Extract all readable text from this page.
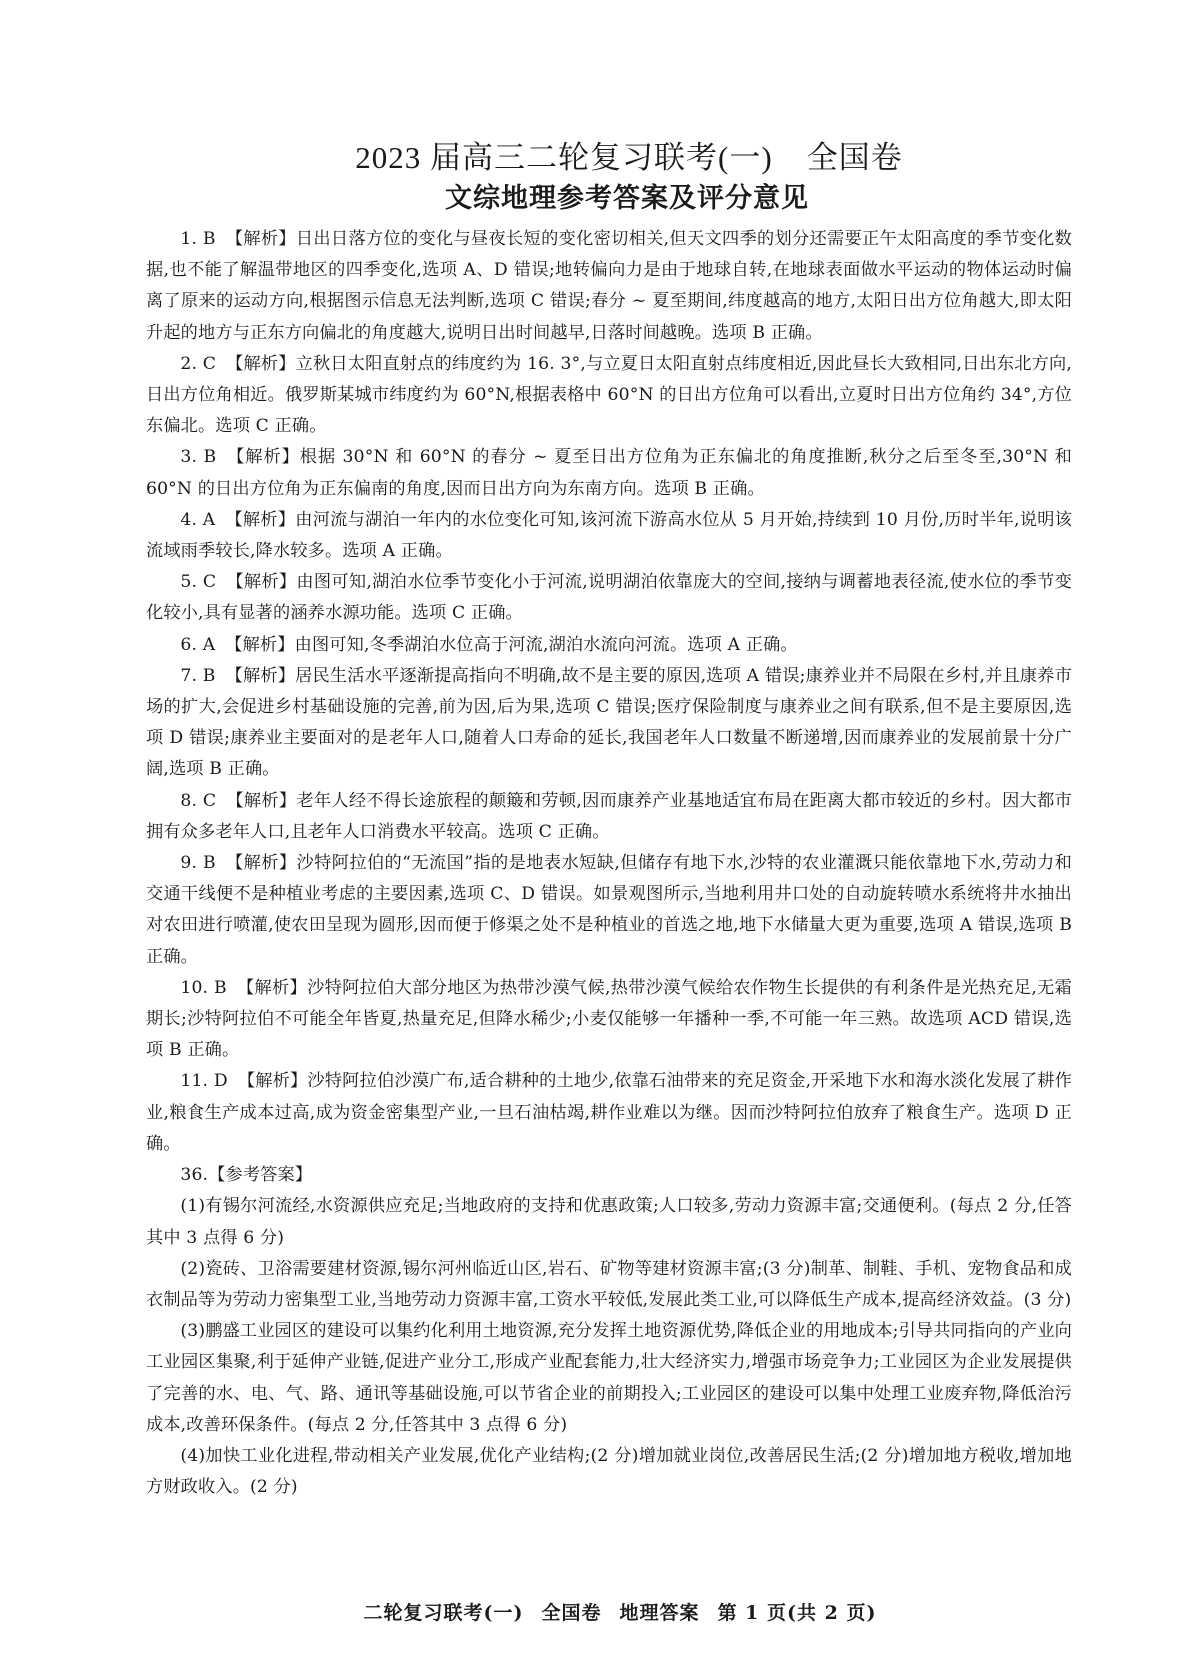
2023 届高三二轮复习联考(一) 全国卷
文综地理参考答案及评分意见

1. B 【解析】日出日落方位的变化与昼夜长短的变化密切相关,但天文四季的划分还需要正午太阳高度的季节变化数据,也不能了解温带地区的四季变化,选项 A、D 错误;地转偏向力是由于地球自转,在地球表面做水平运动的物体运动时偏离了原来的运动方向,根据图示信息无法判断,选项 C 错误;春分 ~ 夏至期间,纬度越高的地方,太阳日出方位角越大,即太阳升起的地方与正东方向偏北的角度越大,说明日出时间越早,日落时间越晚。选项 B 正确。

2. C 【解析】立秋日太阳直射点的纬度约为 16. 3°,与立夏日太阳直射点纬度相近,因此昼长大致相同,日出东北方向,日出方位角相近。俄罗斯某城市纬度约为 60°N,根据表格中 60°N 的日出方位角可以看出,立夏时日出方位角约 34°,方位东偏北。选项 C 正确。

3. B 【解析】根据 30°N 和 60°N 的春分 ~ 夏至日出方位角为正东偏北的角度推断,秋分之后至冬至,30°N 和 60°N 的日出方位角为正东偏南的角度,因而日出方向为东南方向。选项 B 正确。

4. A 【解析】由河流与湖泊一年内的水位变化可知,该河流下游高水位从 5 月开始,持续到 10 月份,历时半年,说明该流域雨季较长,降水较多。选项 A 正确。

5. C 【解析】由图可知,湖泊水位季节变化小于河流,说明湖泊依靠庞大的空间,接纳与调蓄地表径流,使水位的季节变化较小,具有显著的涵养水源功能。选项 C 正确。

6. A 【解析】由图可知,冬季湖泊水位高于河流,湖泊水流向河流。选项 A 正确。

7. B 【解析】居民生活水平逐渐提高指向不明确,故不是主要的原因,选项 A 错误;康养业并不局限在乡村,并且康养市场的扩大,会促进乡村基础设施的完善,前为因,后为果,选项 C 错误;医疗保险制度与康养业之间有联系,但不是主要原因,选项 D 错误;康养业主要面对的是老年人口,随着人口寿命的延长,我国老年人口数量不断递增,因而康养业的发展前景十分广阔,选项 B 正确。

8. C 【解析】老年人经不得长途旅程的颠簸和劳顿,因而康养产业基地适宜布局在距离大都市较近的乡村。因大都市拥有众多老年人口,且老年人口消费水平较高。选项 C 正确。

9. B 【解析】沙特阿拉伯的“无流国”指的是地表水短缺,但储存有地下水,沙特的农业灌溉只能依靠地下水,劳动力和交通干线便不是种植业考虑的主要因素,选项 C、D 错误。如景观图所示,当地利用井口处的自动旋转喷水系统将井水抽出对农田进行喷灌,使农田呈现为圆形,因而便于修渠之处不是种植业的首选之地,地下水储量大更为重要,选项 A 错误,选项 B 正确。

10. B 【解析】沙特阿拉伯大部分地区为热带沙漠气候,热带沙漠气候给农作物生长提供的有利条件是光热充足,无霜期长;沙特阿拉伯不可能全年皆夏,热量充足,但降水稀少;小麦仅能够一年播种一季,不可能一年三熟。故选项 ACD 错误,选项 B 正确。

11. D 【解析】沙特阿拉伯沙漠广布,适合耕种的土地少,依靠石油带来的充足资金,开采地下水和海水淡化发展了耕作业,粮食生产成本过高,成为资金密集型产业,一旦石油枯竭,耕作业难以为继。因而沙特阿拉伯放弃了粮食生产。选项 D 正确。

36.【参考答案】

(1)有锡尔河流经,水资源供应充足;当地政府的支持和优惠政策;人口较多,劳动力资源丰富;交通便利。(每点 2 分,任答其中 3 点得 6 分)

(2)瓷砖、卫浴需要建材资源,锡尔河州临近山区,岩石、矿物等建材资源丰富;(3 分)制革、制鞋、手机、宠物食品和成衣制品等为劳动力密集型工业,当地劳动力资源丰富,工资水平较低,发展此类工业,可以降低生产成本,提高经济效益。(3 分)

(3)鹏盛工业园区的建设可以集约化利用土地资源,充分发挥土地资源优势,降低企业的用地成本;引导共同指向的产业向工业园区集聚,利于延伸产业链,促进产业分工,形成产业配套能力,壮大经济实力,增强市场竞争力;工业园区为企业发展提供了完善的水、电、气、路、通讯等基础设施,可以节省企业的前期投入;工业园区的建设可以集中处理工业废弃物,降低治污成本,改善环保条件。(每点 2 分,任答其中 3 点得 6 分)

(4)加快工业化进程,带动相关产业发展,优化产业结构;(2 分)增加就业岗位,改善居民生活;(2 分)增加地方税收,增加地方财政收入。(2 分)

二轮复习联考(一) 全国卷 地理答案 第 1 页(共 2 页)
